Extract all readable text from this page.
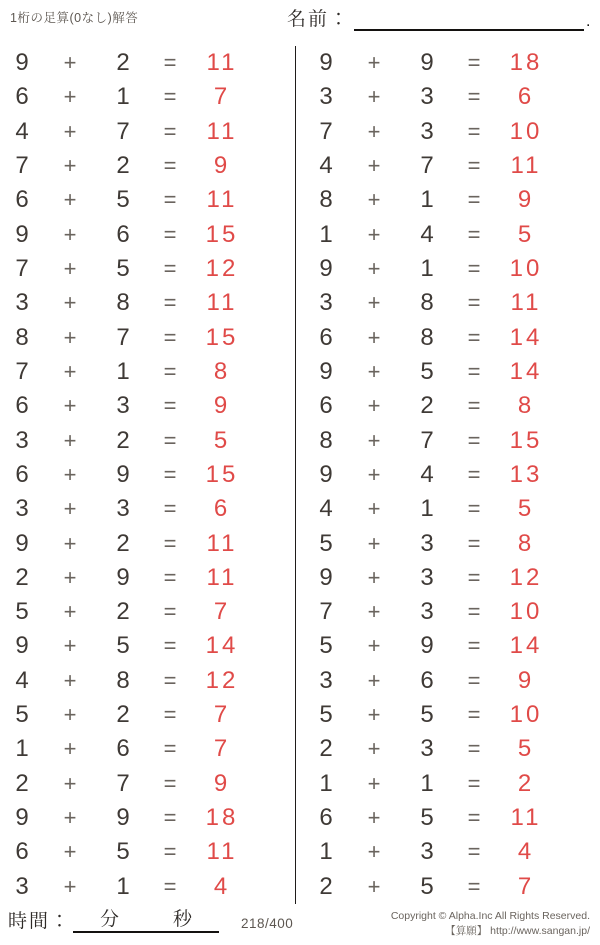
1桁の足算(0なし)解答	名前：	.
9	+	2	=	11
6	+	1	=	7
4	+	7	=	11
7	+	2	=	9
6	+	5	=	11
9	+	6	=	15
7	+	5	=	12
3	+	8	=	11
8	+	7	=	15
7	+	1	=	8
6	+	3	=	9
3	+	2	=	5
6	+	9	=	15
3	+	3	=	6
9	+	2	=	11
2	+	9	=	11
5	+	2	=	7
9	+	5	=	14
4	+	8	=	12
5	+	2	=	7
1	+	6	=	7
2	+	7	=	9
9	+	9	=	18
6	+	5	=	11
3	+	1	=	4
9	+	9	=	18
3	+	3	=	6
7	+	3	=	10
4	+	7	=	11
8	+	1	=	9
1	+	4	=	5
9	+	1	=	10
3	+	8	=	11
6	+	8	=	14
9	+	5	=	14
6	+	2	=	8
8	+	7	=	15
9	+	4	=	13
4	+	1	=	5
5	+	3	=	8
9	+	3	=	12
7	+	3	=	10
5	+	9	=	14
3	+	6	=	9
5	+	5	=	10
2	+	3	=	5
1	+	1	=	2
6	+	5	=	11
1	+	3	=	4
2	+	5	=	7
時間： 分	秒	218/400
Copyright © Alpha.Inc All Rights Reserved.
【算願】 http://www.sangan.jp/
